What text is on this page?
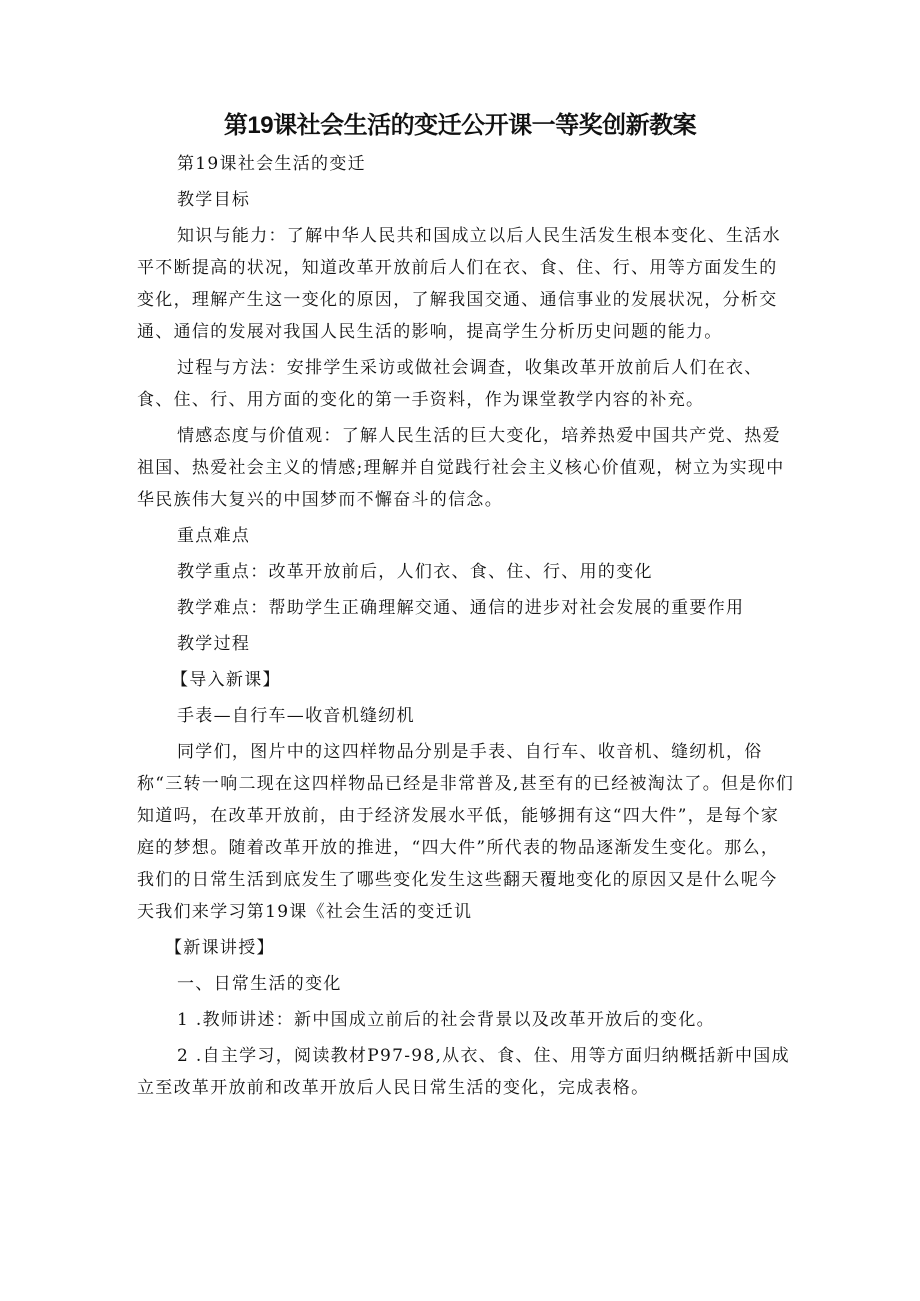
第19课社会生活的变迁公开课一等奖创新教案

第19课社会生活的变迁

教学目标

知识与能力：了解中华人民共和国成立以后人民生活发生根本变化、生活水平不断提高的状况，知道改革开放前后人们在衣、食、住、行、用等方面发生的变化，理解产生这一变化的原因，了解我国交通、通信事业的发展状况，分析交通、通信的发展对我国人民生活的影响，提高学生分析历史问题的能力。

过程与方法：安排学生采访或做社会调查，收集改革开放前后人们在衣、食、住、行、用方面的变化的第一手资料，作为课堂教学内容的补充。

情感态度与价值观：了解人民生活的巨大变化，培养热爱中国共产党、热爱祖国、热爱社会主义的情感;理解并自觉践行社会主义核心价值观，树立为实现中华民族伟大复兴的中国梦而不懈奋斗的信念。

重点难点

教学重点：改革开放前后，人们衣、食、住、行、用的变化

教学难点：帮助学生正确理解交通、通信的进步对社会发展的重要作用

教学过程

【导入新课】

手表—自行车—收音机缝纫机

同学们，图片中的这四样物品分别是手表、自行车、收音机、缝纫机，俗称“三转一响二现在这四样物品已经是非常普及,甚至有的已经被淘汰了。但是你们知道吗，在改革开放前，由于经济发展水平低，能够拥有这“四大件”，是每个家庭的梦想。随着改革开放的推进，“四大件”所代表的物品逐渐发生变化。那么，我们的日常生活到底发生了哪些变化发生这些翻天覆地变化的原因又是什么呢今天我们来学习第19课《社会生活的变迁讥

【新课讲授】

一、日常生活的变化

1 .教师讲述：新中国成立前后的社会背景以及改革开放后的变化。

2 .自主学习，阅读教材P97-98,从衣、食、住、用等方面归纳概括新中国成立至改革开放前和改革开放后人民日常生活的变化，完成表格。
